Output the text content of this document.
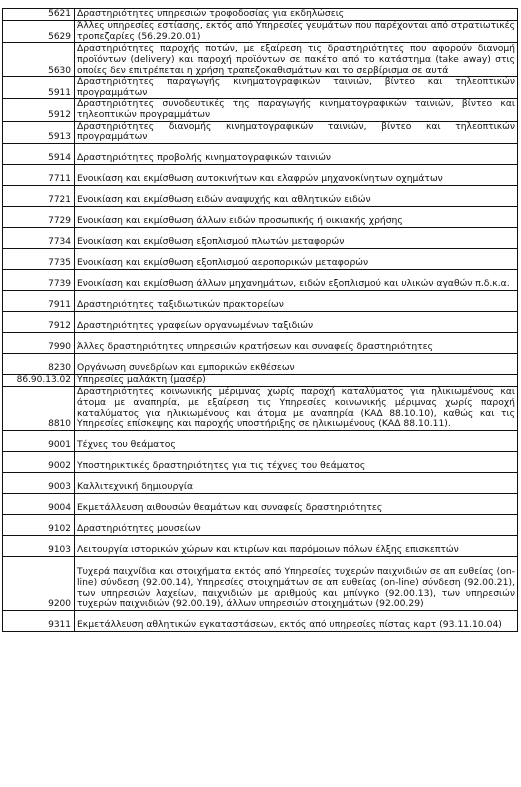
5621	Δραστηριότητες υπηρεσιών τροφοδοσίας για εκδηλώσεις
5629	Άλλες υπηρεσίες εστίασης, εκτός από Υπηρεσίες γευμάτων που παρέχονται από στρατιωτικές τροπεζαρίες (56.29.20.01)
5630	Δραστηριότητες παροχής ποτών, με εξαίρεση τις δραστηριότητες που αφορούν διανομή προϊόντων (delivery) και παροχή προϊόντων σε πακέτο από το κατάστημα (take away) στις οποίες δεν επιτρέπεται η χρήση τραπεζοκαθισμάτων και το σερβίρισμα σε αυτά
5911	Δραστηριότητες παραγωγής κινηματογραφικών ταινιών, βίντεο και τηλεοπτικών προγραμμάτων
5912	Δραστηριότητες συνοδευτικές της παραγωγής κινηματογραφικών ταινιών, βίντεο και τηλεοπτικών προγραμμάτων
5913	Δραστηριότητες διανομής κινηματογραφικών ταινιών, βίντεο και τηλεοπτικών προγραμμάτων
5914	Δραστηριότητες προβολής κινηματογραφικών ταινιών
7711	Ενοικίαση και εκμίσθωση αυτοκινήτων και ελαφρών μηχανοκίνητων οχημάτων
7721	Ενοικίαση και εκμίσθωση ειδών αναψυχής και αθλητικών ειδών
7729	Ενοικίαση και εκμίσθωση άλλων ειδών προσωπικής ή οικιακής χρήσης
7734	Ενοικίαση και εκμίσθωση εξοπλισμού πλωτών μεταφορών
7735	Ενοικίαση και εκμίσθωση εξοπλισμού αεροπορικών μεταφορών
7739	Ενοικίαση και εκμίσθωση άλλων μηχανημάτων, ειδών εξοπλισμού και υλικών αγαθών π.δ.κ.α.
7911	Δραστηριότητες ταξιδιωτικών πρακτορείων
7912	Δραστηριότητες γραφείων οργανωμένων ταξιδιών
7990	Άλλες δραστηριότητες υπηρεσιών κρατήσεων και συναφείς δραστηριότητες
8230	Οργάνωση συνεδρίων και εμπορικών εκθέσεων
86.90.13.02	Υπηρεσίες μαλάκτη (μασέρ)
8810	Δραστηριότητες κοινωνικής μέριμνας χωρίς παροχή καταλύματος για ηλικιωμένους και άτομα με αναπηρία, με εξαίρεση τις Υπηρεσίες κοινωνικής μέριμνας χωρίς παροχή καταλύματος για ηλικιωμένους και άτομα με αναπηρία (ΚΑΔ 88.10.10), καθώς και τις Υπηρεσίες επίσκεψης και παροχής υποστήριξης σε ηλικιωμένους (ΚΑΔ 88.10.11).
9001	Τέχνες του θεάματος
9002	Υποστηρικτικές δραστηριότητες για τις τέχνες του θεάματος
9003	Καλλιτεχνική δημιουργία
9004	Εκμετάλλευση αιθουσών θεαμάτων και συναφείς δραστηριότητες
9102	Δραστηριότητες μουσείων
9103	Λειτουργία ιστορικών χώρων και κτιρίων και παρόμοιων πόλων έλξης επισκεπτών
9200	Τυχερά παιχνίδια και στοιχήματα εκτός από Υπηρεσίες τυχερών παιχνιδιών σε απ ευθείας (on-line) σύνδεση (92.00.14), Υπηρεσίες στοιχημάτων σε απ ευθείας (on-line) σύνδεση (92.00.21), των υπηρεσιών λαχείων, παιχνιδιών με αριθμούς και μπίνγκο (92.00.13), των υπηρεσιών τυχερών παιχνιδιών (92.00.19), άλλων υπηρεσιών στοιχημάτων (92.00.29)
9311	Εκμετάλλευση αθλητικών εγκαταστάσεων, εκτός από υπηρεσίες πίστας καρτ (93.11.10.04)
